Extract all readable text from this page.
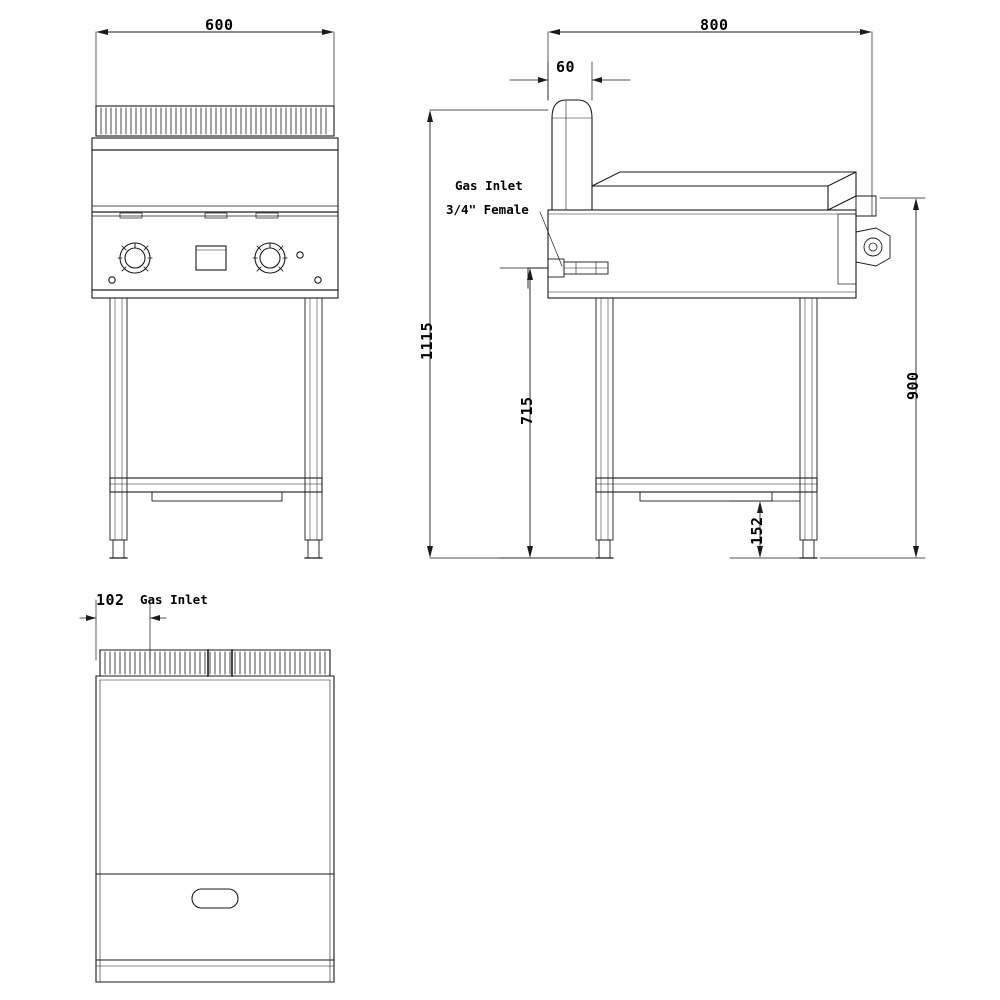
600	800
60
1115
715
900
152
102 Gas Inlet
Gas Inlet
3/4" Female
